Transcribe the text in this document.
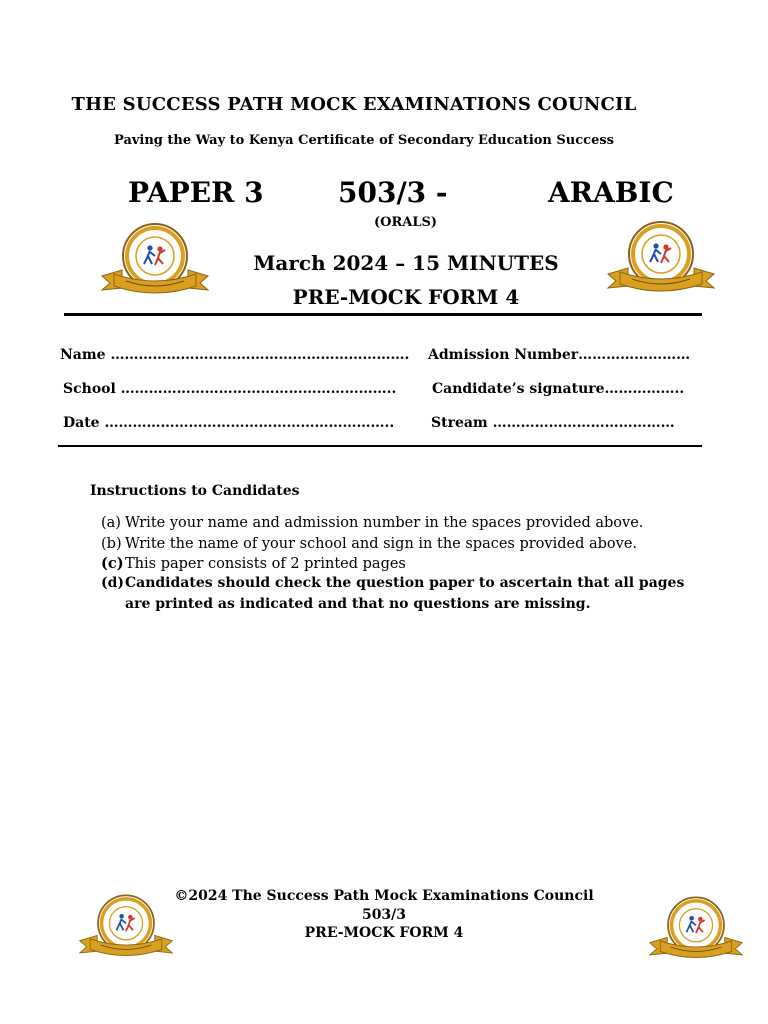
THE SUCCESS PATH MOCK EXAMINATIONS COUNCIL
Paving the Way to Kenya Certificate of Secondary Education Success
PAPER 3	503/3 -	ARABIC
(ORALS)
March 2024 – 15 MINUTES
PRE-MOCK FORM 4
Name ………………………………………………………. Admission Number……………………
School …………………………………………………..	Candidate’s signature……………..
Date ……………………………………………………..	Stream …………………………………
Instructions to Candidates
(a) Write your name and admission number in the spaces provided above.
(b) Write the name of your school and sign in the spaces provided above.
(c)This paper consists of 2 printed pages
(d)Candidates should check the question paper to ascertain that all pages
are printed as indicated and that no questions are missing.
©2024 The Success Path Mock Examinations Council
503/3
PRE-MOCK FORM 4
